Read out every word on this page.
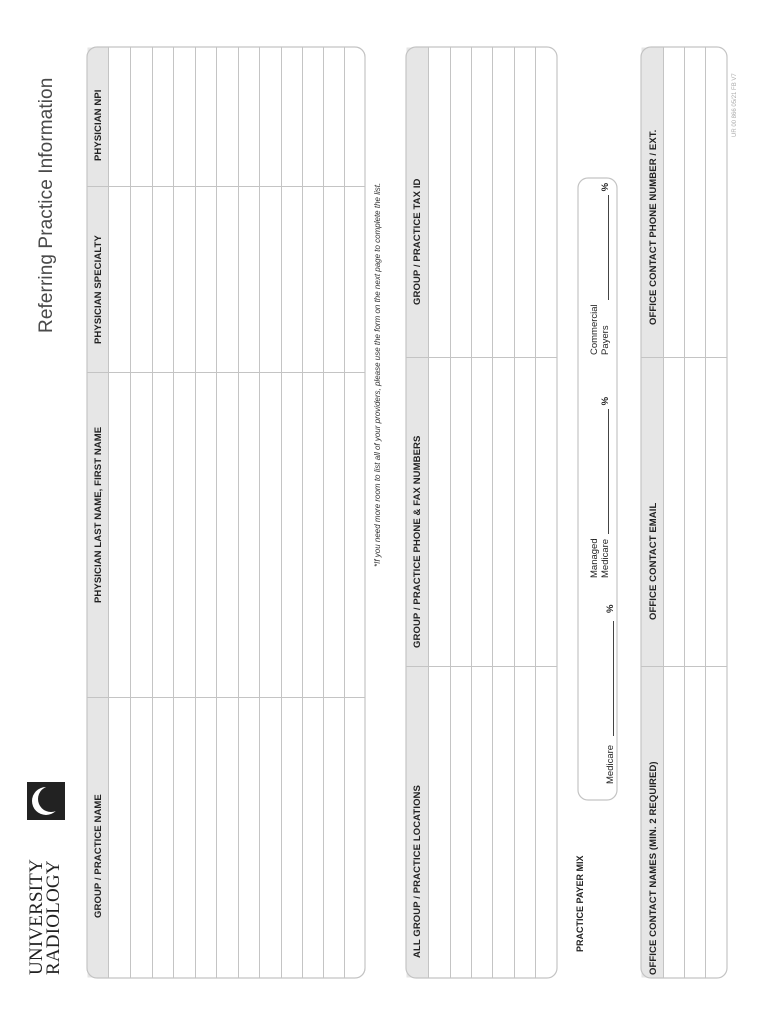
Referring Practice Information
UNIVERSITY
RADIOLOGY	GROUP / PRACTICE NAME
PHYSICIAN LAST NAME, FIRST NAME
PHYSICIAN SPECIALTY
PHYSICIAN NPI
*If you need more room to list all of your providers, please use the form on the next page to complete the list.
ALL GROUP / PRACTICE LOCATIONS
GROUP / PRACTICE PHONE & FAX NUMBERS
GROUP / PRACTICE TAX ID
PRACTICE PAYER MIX
Medicare  %
Managed Medicare
%
Commercial Payers
%
OFFICE CONTACT NAMES (MIN. 2 REQUIRED)
OFFICE CONTACT EMAIL
OFFICE CONTACT PHONE NUMBER / EXT.
UR 00 866 05/21 FB V7
